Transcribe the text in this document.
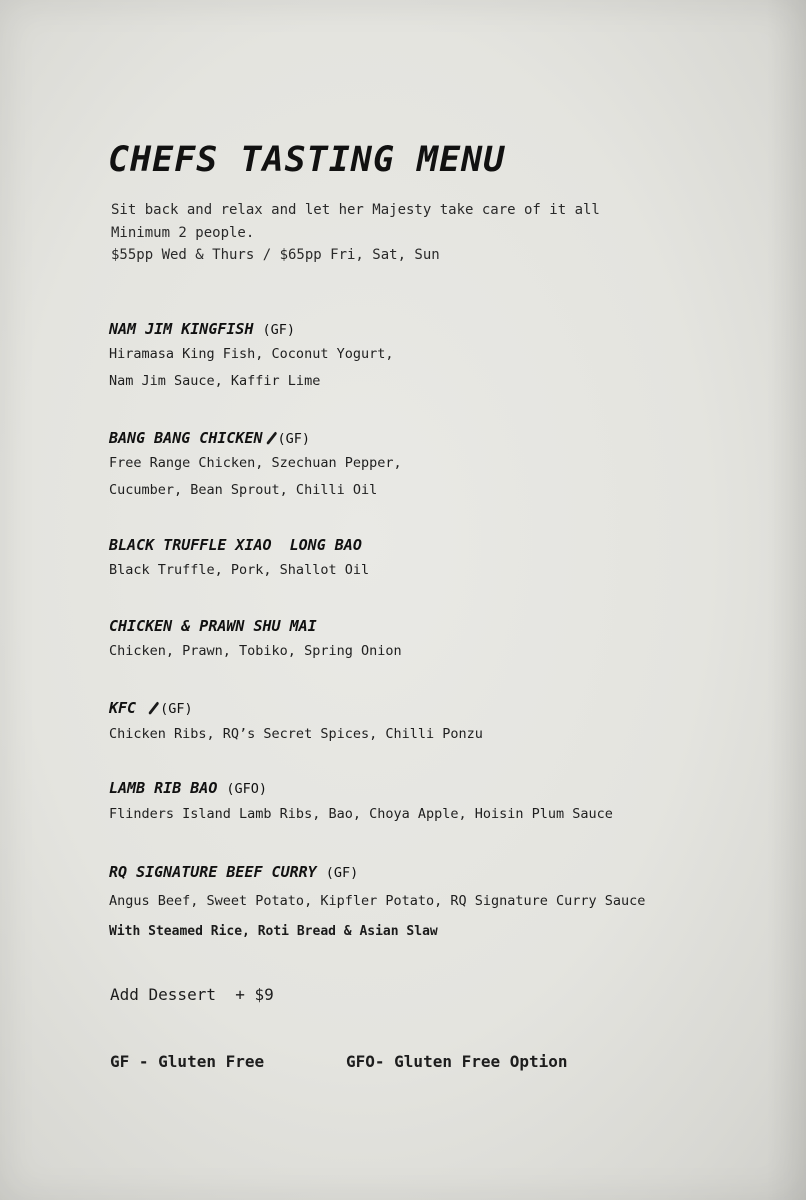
CHEFS TASTING MENU
Sit back and relax and let her Majesty take care of it all
Minimum 2 people.
$55pp Wed & Thurs / $65pp Fri, Sat, Sun
NAM JIM KINGFISH (GF)
Hiramasa King Fish, Coconut Yogurt,
Nam Jim Sauce, Kaffir Lime
BANG BANG CHICKEN (GF)
Free Range Chicken, Szechuan Pepper,
Cucumber, Bean Sprout, Chilli Oil
BLACK TRUFFLE XIAO  LONG BAO
Black Truffle, Pork, Shallot Oil
CHICKEN & PRAWN SHU MAI
Chicken, Prawn, Tobiko, Spring Onion
KFC (GF)
Chicken Ribs, RQ’s Secret Spices, Chilli Ponzu
LAMB RIB BAO (GFO)
Flinders Island Lamb Ribs, Bao, Choya Apple, Hoisin Plum Sauce
RQ SIGNATURE BEEF CURRY (GF)
Angus Beef, Sweet Potato, Kipfler Potato, RQ Signature Curry Sauce
With Steamed Rice, Roti Bread & Asian Slaw
Add Dessert  + $9
GF - Gluten Free	GFO- Gluten Free Option
